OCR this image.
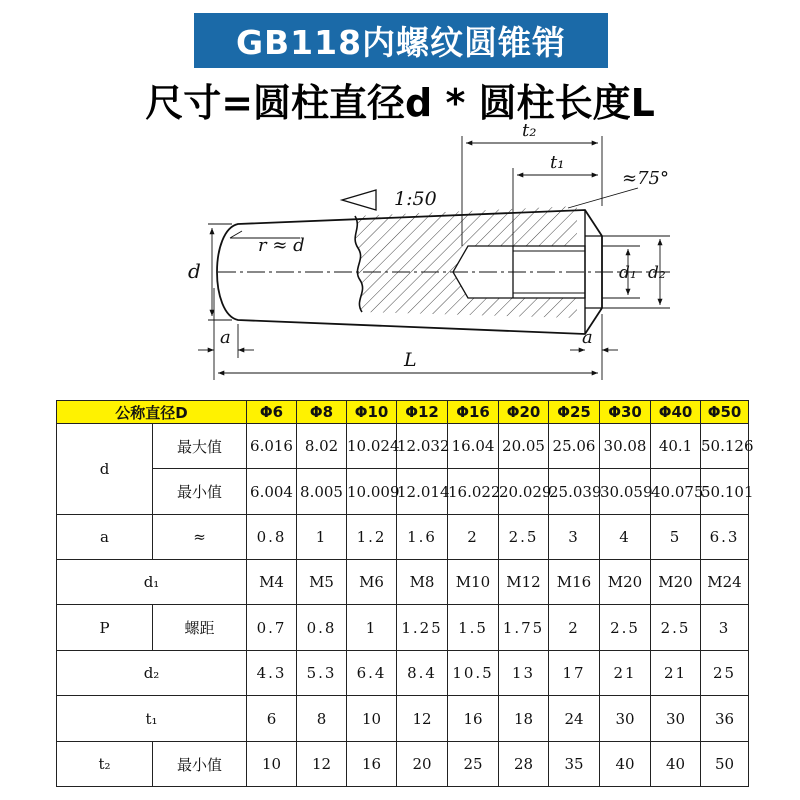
GB118内螺纹圆锥销
尺寸=圆柱直径d * 圆柱长度L
d
r ≈ d
1:50
t₂
t₁
≈75°
d₁ d₂
a	a
L
公称直径D		Φ6	Φ8	Φ10	Φ12	Φ16	Φ20	Φ25	Φ30	Φ40	Φ50
d	最大值	6.016	8.02	10.024	12.032	16.04	20.05	25.06	30.08	40.1	50.126
	最小值	6.004	8.005	10.009	12.014	16.022	20.029	25.039	30.059	40.075	50.101
a	≈	0.8	1	1.2	1.6	2	2.5	3	4	5	6.3
d₁		M4	M5	M6	M8	M10	M12	M16	M20	M20	M24
P	螺距	0.7	0.8	1	1.25	1.5	1.75	2	2.5	2.5	3
d₂		4.3	5.3	6.4	8.4	10.5	13	17	21	21	25
t₁		6	8	10	12	16	18	24	30	30	36
t₂	最小值	10	12	16	20	25	28	35	40	40	50
